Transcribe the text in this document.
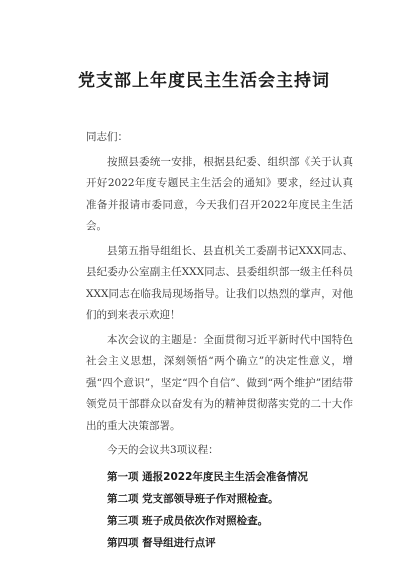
党支部上年度民主生活会主持词
同志们：
按照县委统一安排，根据县纪委、组织部《关于认真开好2022年度专题民主生活会的通知》要求，经过认真准备并报请市委同意，今天我们召开2022年度民主生活会。
县第五指导组组长、县直机关工委副书记XXX同志、县纪委办公室副主任XXX同志、县委组织部一级主任科员XXX同志在临我局现场指导。让我们以热烈的掌声，对他们的到来表示欢迎！
本次会议的主题是：全面贯彻习近平新时代中国特色社会主义思想，深刻领悟“两个确立”的决定性意义，增强“四个意识”，坚定“四个自信”、做到“两个维护”团结带领党员干部群众以奋发有为的精神贯彻落实党的二十大作出的重大决策部署。
今天的会议共3项议程：
第一项 通报2022年度民主生活会准备情况
第二项 党支部领导班子作对照检查。
第三项 班子成员依次作对照检查。
第四项 督导组进行点评
